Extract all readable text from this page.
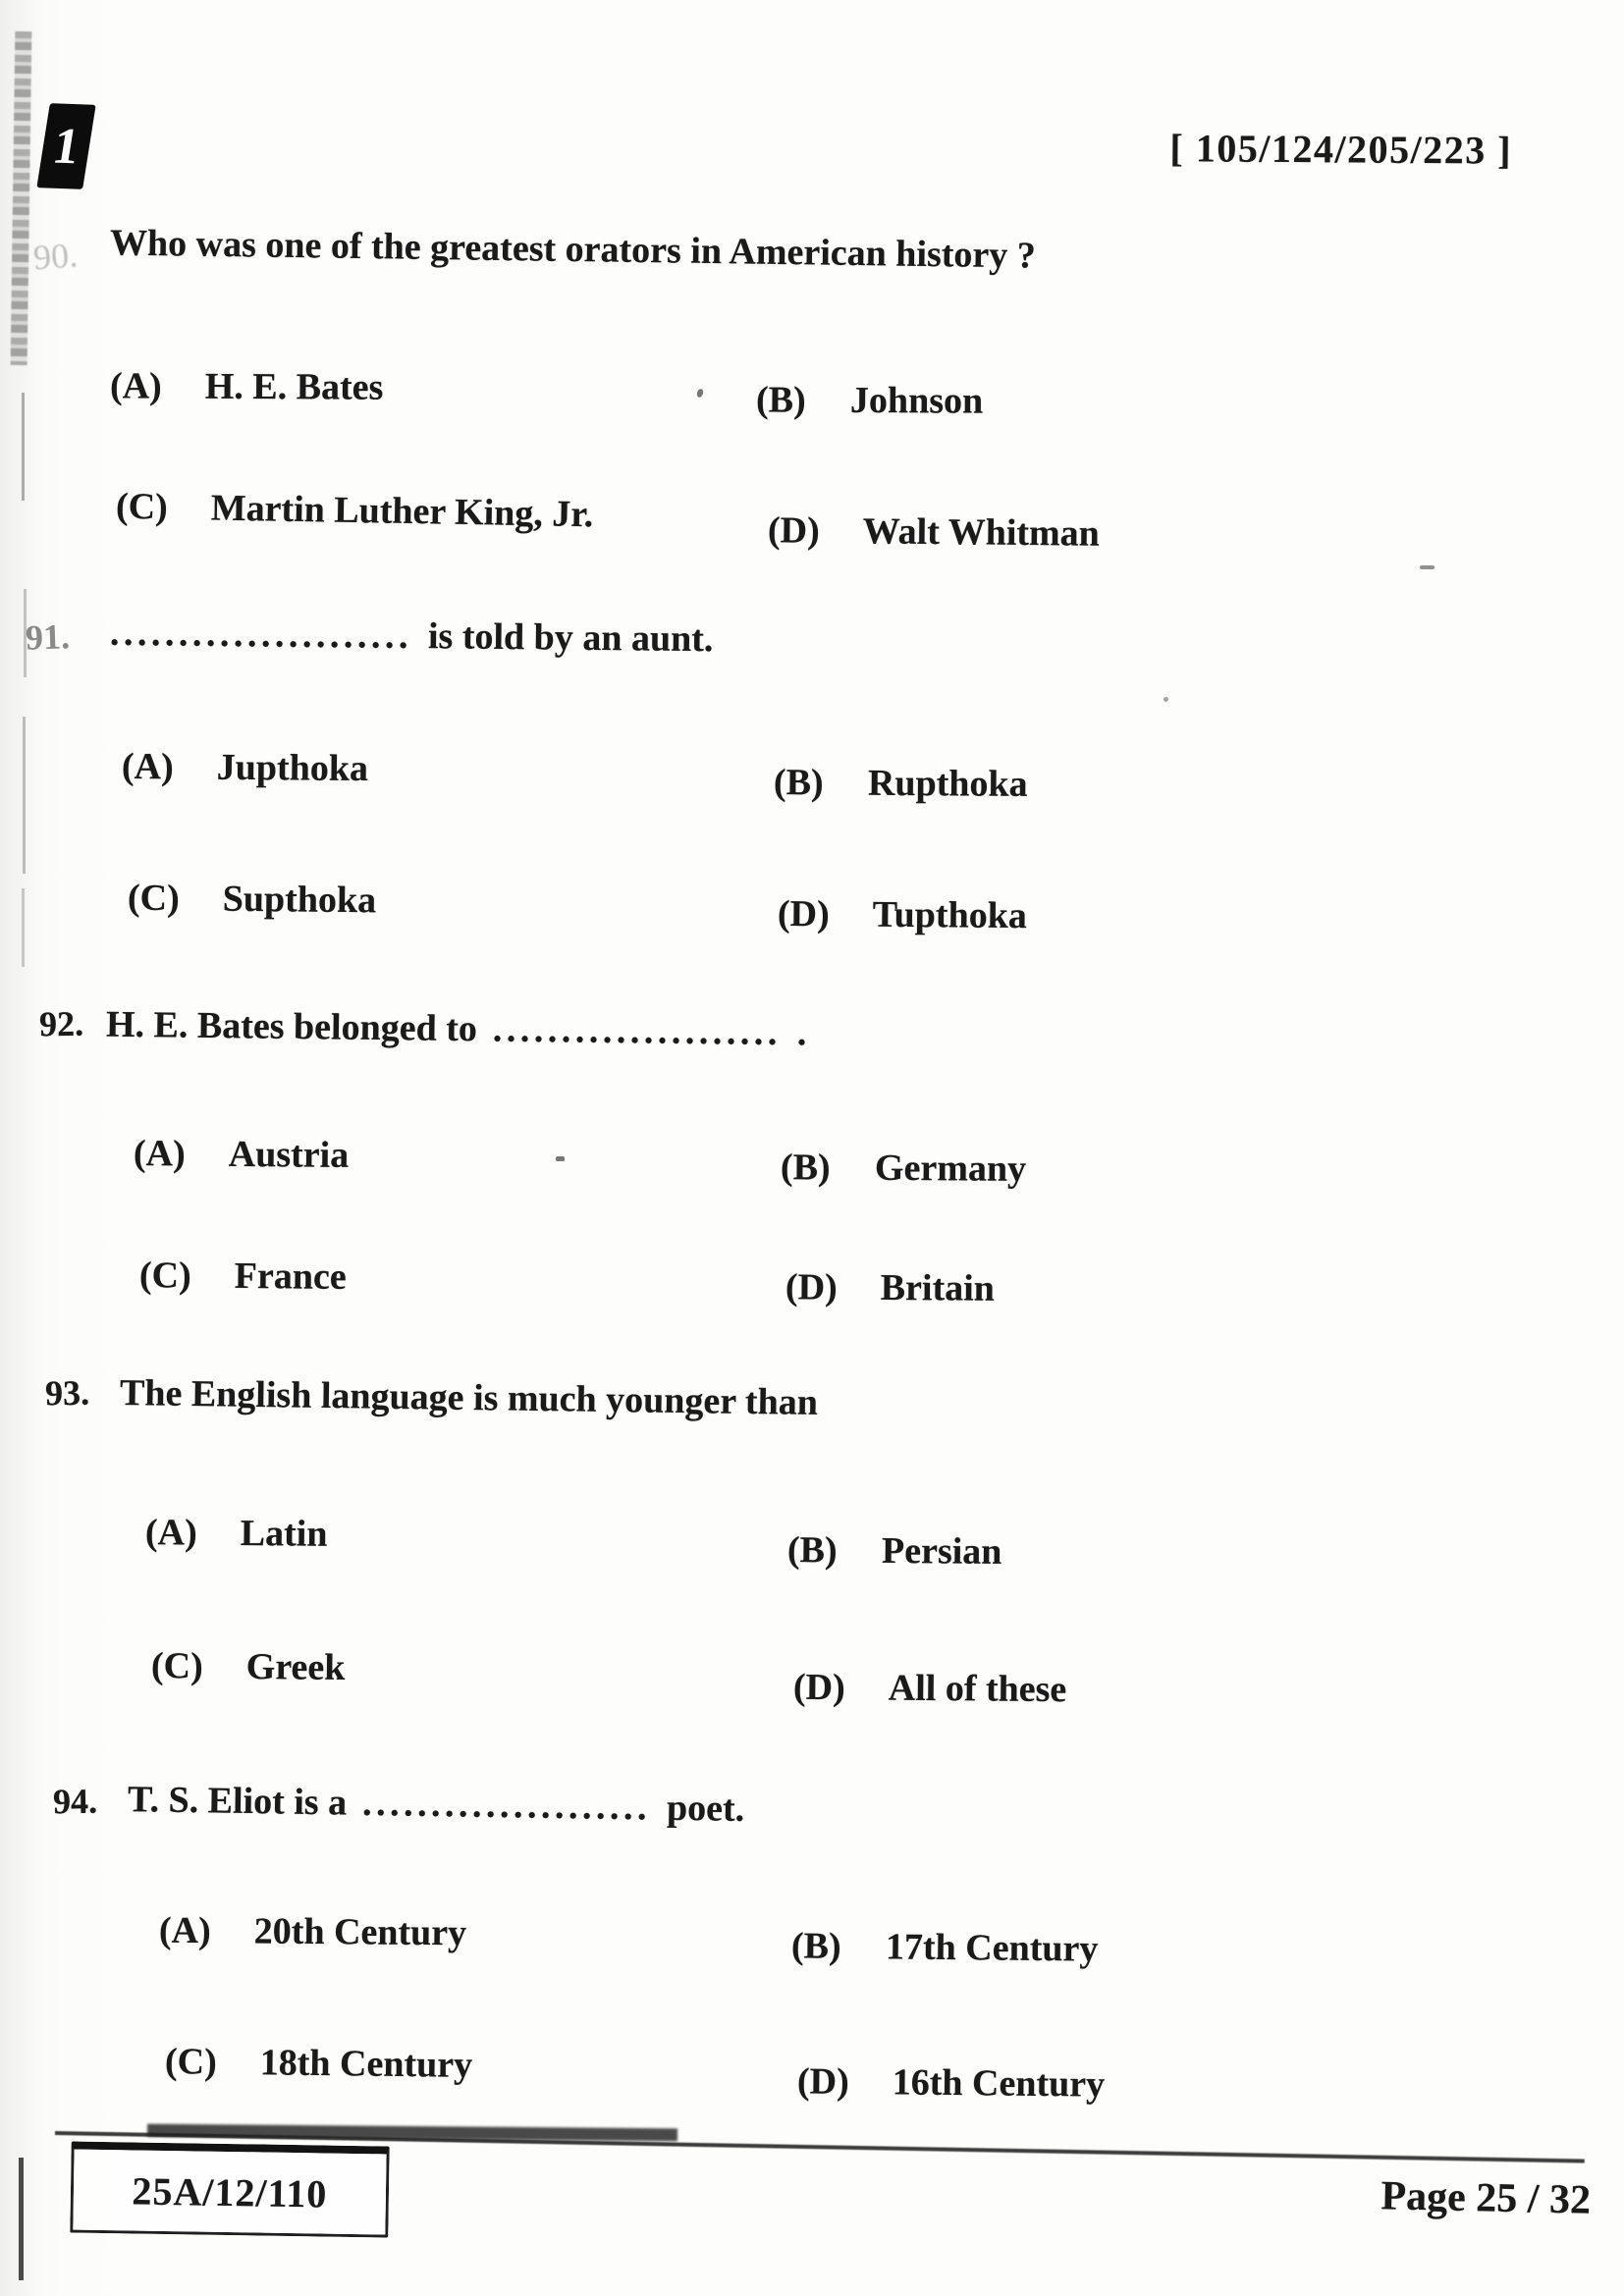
1	[ 105/124/205/223 ]
90. Who was one of the greatest orators in American history ?
(A) H. E. Bates	(B) Johnson
(C) Martin Luther King, Jr.	(D) Walt Whitman
91. ...................... is told by an aunt.
(A) Jupthoka	(B) Rupthoka
(C) Supthoka	(D) Tupthoka
92. H. E. Bates belonged to ..................... .
(A) Austria	(B) Germany
(C) France	(D) Britain
93. The English language is much younger than
(A) Latin	(B) Persian
(C) Greek	(D) All of these
94. T. S. Eliot is a ..................... poet.
(A) 20th Century	(B) 17th Century
(C) 18th Century	(D) 16th Century
25A/12/110	Page 25 / 32
